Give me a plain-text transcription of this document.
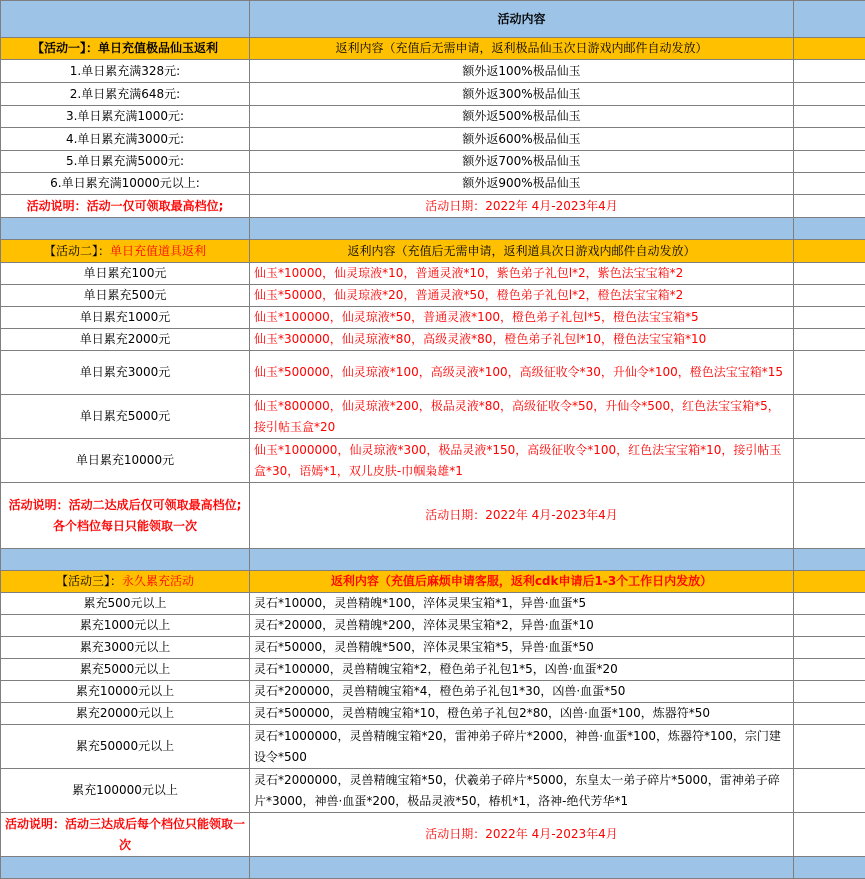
	活动内容	
【活动一】：单日充值极品仙玉返利	返利内容（充值后无需申请，返利极品仙玉次日游戏内邮件自动发放）	
1.单日累充满328元:	额外返100%极品仙玉	
2.单日累充满648元:	额外返300%极品仙玉	
3.单日累充满1000元:	额外返500%极品仙玉	
4.单日累充满3000元:	额外返600%极品仙玉	
5.单日累充满5000元:	额外返700%极品仙玉	
6.单日累充满10000元以上:	额外返900%极品仙玉	
活动说明：活动一仅可领取最高档位;	活动日期：2022年 4月-2023年4月	

【活动二】：单日充值道具返利	返利内容（充值后无需申请，返利道具次日游戏内邮件自动发放）	
单日累充100元	仙玉*10000，仙灵琼液*10，普通灵液*10，紫色弟子礼包l*2，紫色法宝宝箱*2	
单日累充500元	仙玉*50000，仙灵琼液*20，普通灵液*50，橙色弟子礼包l*2，橙色法宝宝箱*2	
单日累充1000元	仙玉*100000，仙灵琼液*50，普通灵液*100，橙色弟子礼包l*5，橙色法宝宝箱*5	
单日累充2000元	仙玉*300000，仙灵琼液*80，高级灵液*80，橙色弟子礼包l*10，橙色法宝宝箱*10	
单日累充3000元	仙玉*500000，仙灵琼液*100，高级灵液*100，高级征收令*30，升仙令*100，橙色法宝宝箱*15	
单日累充5000元	仙玉*800000，仙灵琼液*200，极品灵液*80，高级征收令*50，升仙令*500，红色法宝宝箱*5，接引帖玉盒*20	
单日累充10000元	仙玉*1000000，仙灵琼液*300，极品灵液*150，高级征收令*100，红色法宝宝箱*10，接引帖玉盒*30，语嫣*1，双儿皮肤-巾帼枭雄*1	

活动说明：活动二达成后仅可领取最高档位;
各个档位每日只能领取一次	活动日期：2022年 4月-2023年4月	

【活动三】：永久累充活动	返利内容（充值后麻烦申请客服，返利cdk申请后1-3个工作日内发放）	
累充500元以上	灵石*10000，灵兽精魄*100，淬体灵果宝箱*1，异兽·血蛋*5	
累充1000元以上	灵石*20000，灵兽精魄*200，淬体灵果宝箱*2，异兽·血蛋*10	
累充3000元以上	灵石*50000，灵兽精魄*500，淬体灵果宝箱*5，异兽·血蛋*50	
累充5000元以上	灵石*100000，灵兽精魄宝箱*2，橙色弟子礼包1*5，凶兽·血蛋*20	
累充10000元以上	灵石*200000，灵兽精魄宝箱*4，橙色弟子礼包1*30，凶兽·血蛋*50	
累充20000元以上	灵石*500000，灵兽精魄宝箱*10，橙色弟子礼包2*80，凶兽·血蛋*100，炼器符*50	
累充50000元以上	灵石*1000000，灵兽精魄宝箱*20，雷神弟子碎片*2000，神兽·血蛋*100，炼器符*100，宗门建设令*500	
累充100000元以上	灵石*2000000，灵兽精魄宝箱*50，伏羲弟子碎片*5000，东皇太一弟子碎片*5000，雷神弟子碎片*3000，神兽·血蛋*200，极品灵液*50，椿机*1，洛神-绝代芳华*1	
活动说明：活动三达成后每个档位只能领取一次	活动日期：2022年 4月-2023年4月	
